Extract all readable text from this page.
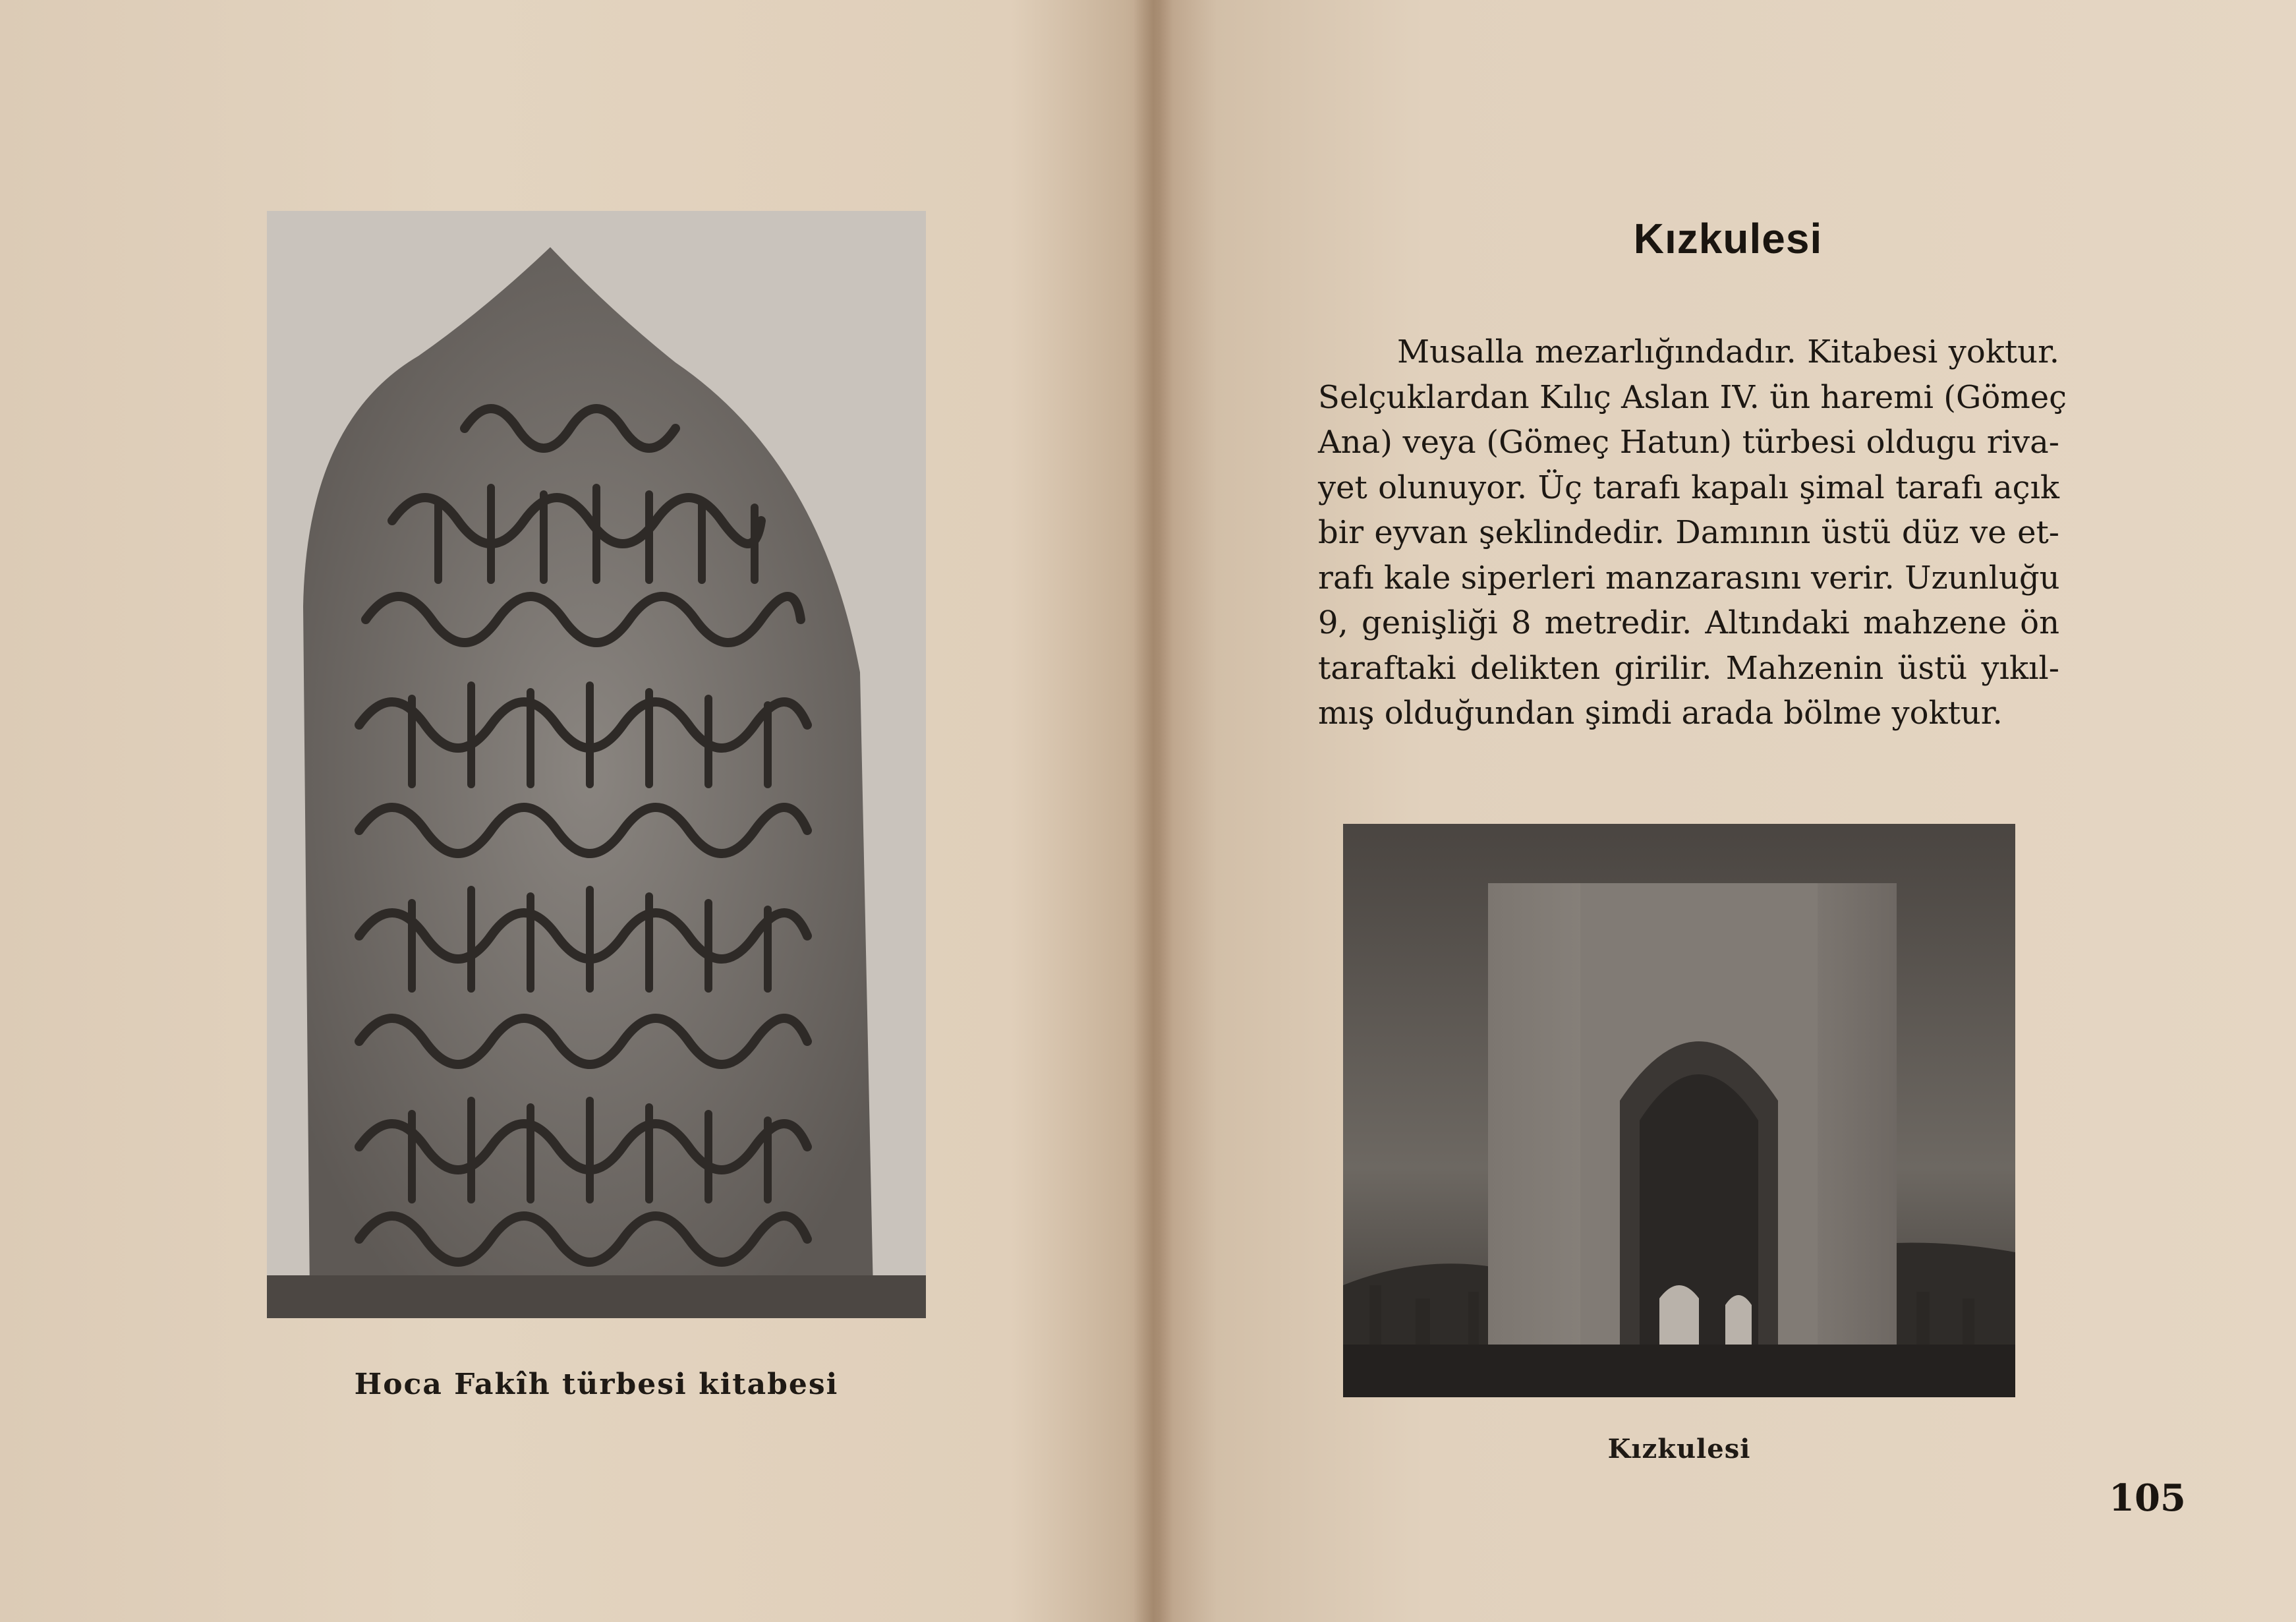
Hoca Fakîh türbesi kitabesi
Kızkulesi
Musalla mezarlığındadır. Kitabesi yoktur.
Selçuklardan Kılıç Aslan IV. ün haremi (Gömeç
Ana) veya (Gömeç Hatun) türbesi oldugu riva-
yet olunuyor. Üç tarafı kapalı şimal tarafı açık
bir eyvan şeklindedir. Damının üstü düz ve et-
rafı kale siperleri manzarasını verir. Uzunluğu
9, genişliği 8 metredir. Altındaki mahzene ön
taraftaki delikten girilir. Mahzenin üstü yıkıl-
mış olduğundan şimdi arada bölme yoktur.
Kızkulesi
105
